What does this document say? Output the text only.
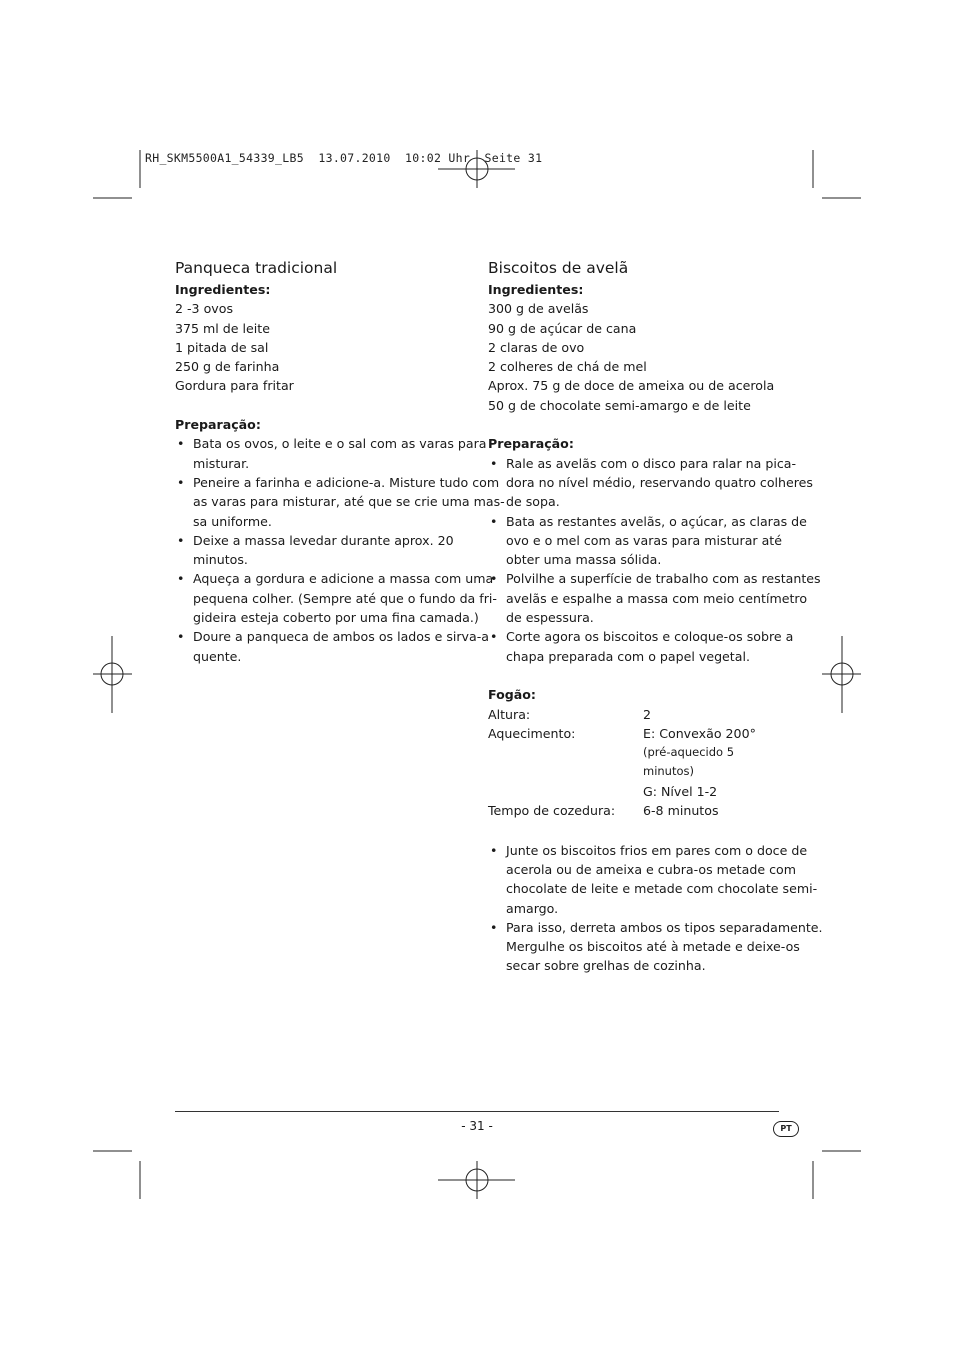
RH_SKM5500A1_54339_LB5  13.07.2010  10:02 Uhr  Seite 31
Panqueca tradicional
Ingredientes:
2 -3 ovos
375 ml de leite
1 pitada de sal
250 g de farinha
Gordura para fritar
Preparação:
• Bata os ovos, o leite e o sal com as varas para
misturar.
• Peneire a farinha e adicione-a. Misture tudo com
as varas para misturar, até que se crie uma mas-
sa uniforme.
• Deixe a massa levedar durante aprox. 20
minutos.
• Aqueça a gordura e adicione a massa com uma
pequena colher. (Sempre até que o fundo da fri-
gideira esteja coberto por uma fina camada.)
• Doure a panqueca de ambos os lados e sirva-a
quente.
Biscoitos de avelã
Ingredientes:
300 g de avelãs
90 g de açúcar de cana
2 claras de ovo
2 colheres de chá de mel
Aprox. 75 g de doce de ameixa ou de acerola
50 g de chocolate semi-amargo e de leite
Preparação:
• Rale as avelãs com o disco para ralar na pica-
dora no nível médio, reservando quatro colheres
de sopa.
• Bata as restantes avelãs, o açúcar, as claras de
ovo e o mel com as varas para misturar até
obter uma massa sólida.
• Polvilhe a superfície de trabalho com as restantes
avelãs e espalhe a massa com meio centímetro
de espessura.
• Corte agora os biscoitos e coloque-os sobre a
chapa preparada com o papel vegetal.
Fogão:
Altura:	2
Aquecimento:	E: Convexão 200°
(pré-aquecido 5 minutos)
G: Nível 1-2
Tempo de cozedura:	6-8 minutos
• Junte os biscoitos frios em pares com o doce de
acerola ou de ameixa e cubra-os metade com
chocolate de leite e metade com chocolate semi-
amargo.
• Para isso, derreta ambos os tipos separadamente.
Mergulhe os biscoitos até à metade e deixe-os
secar sobre grelhas de cozinha.
- 31 -	PT
